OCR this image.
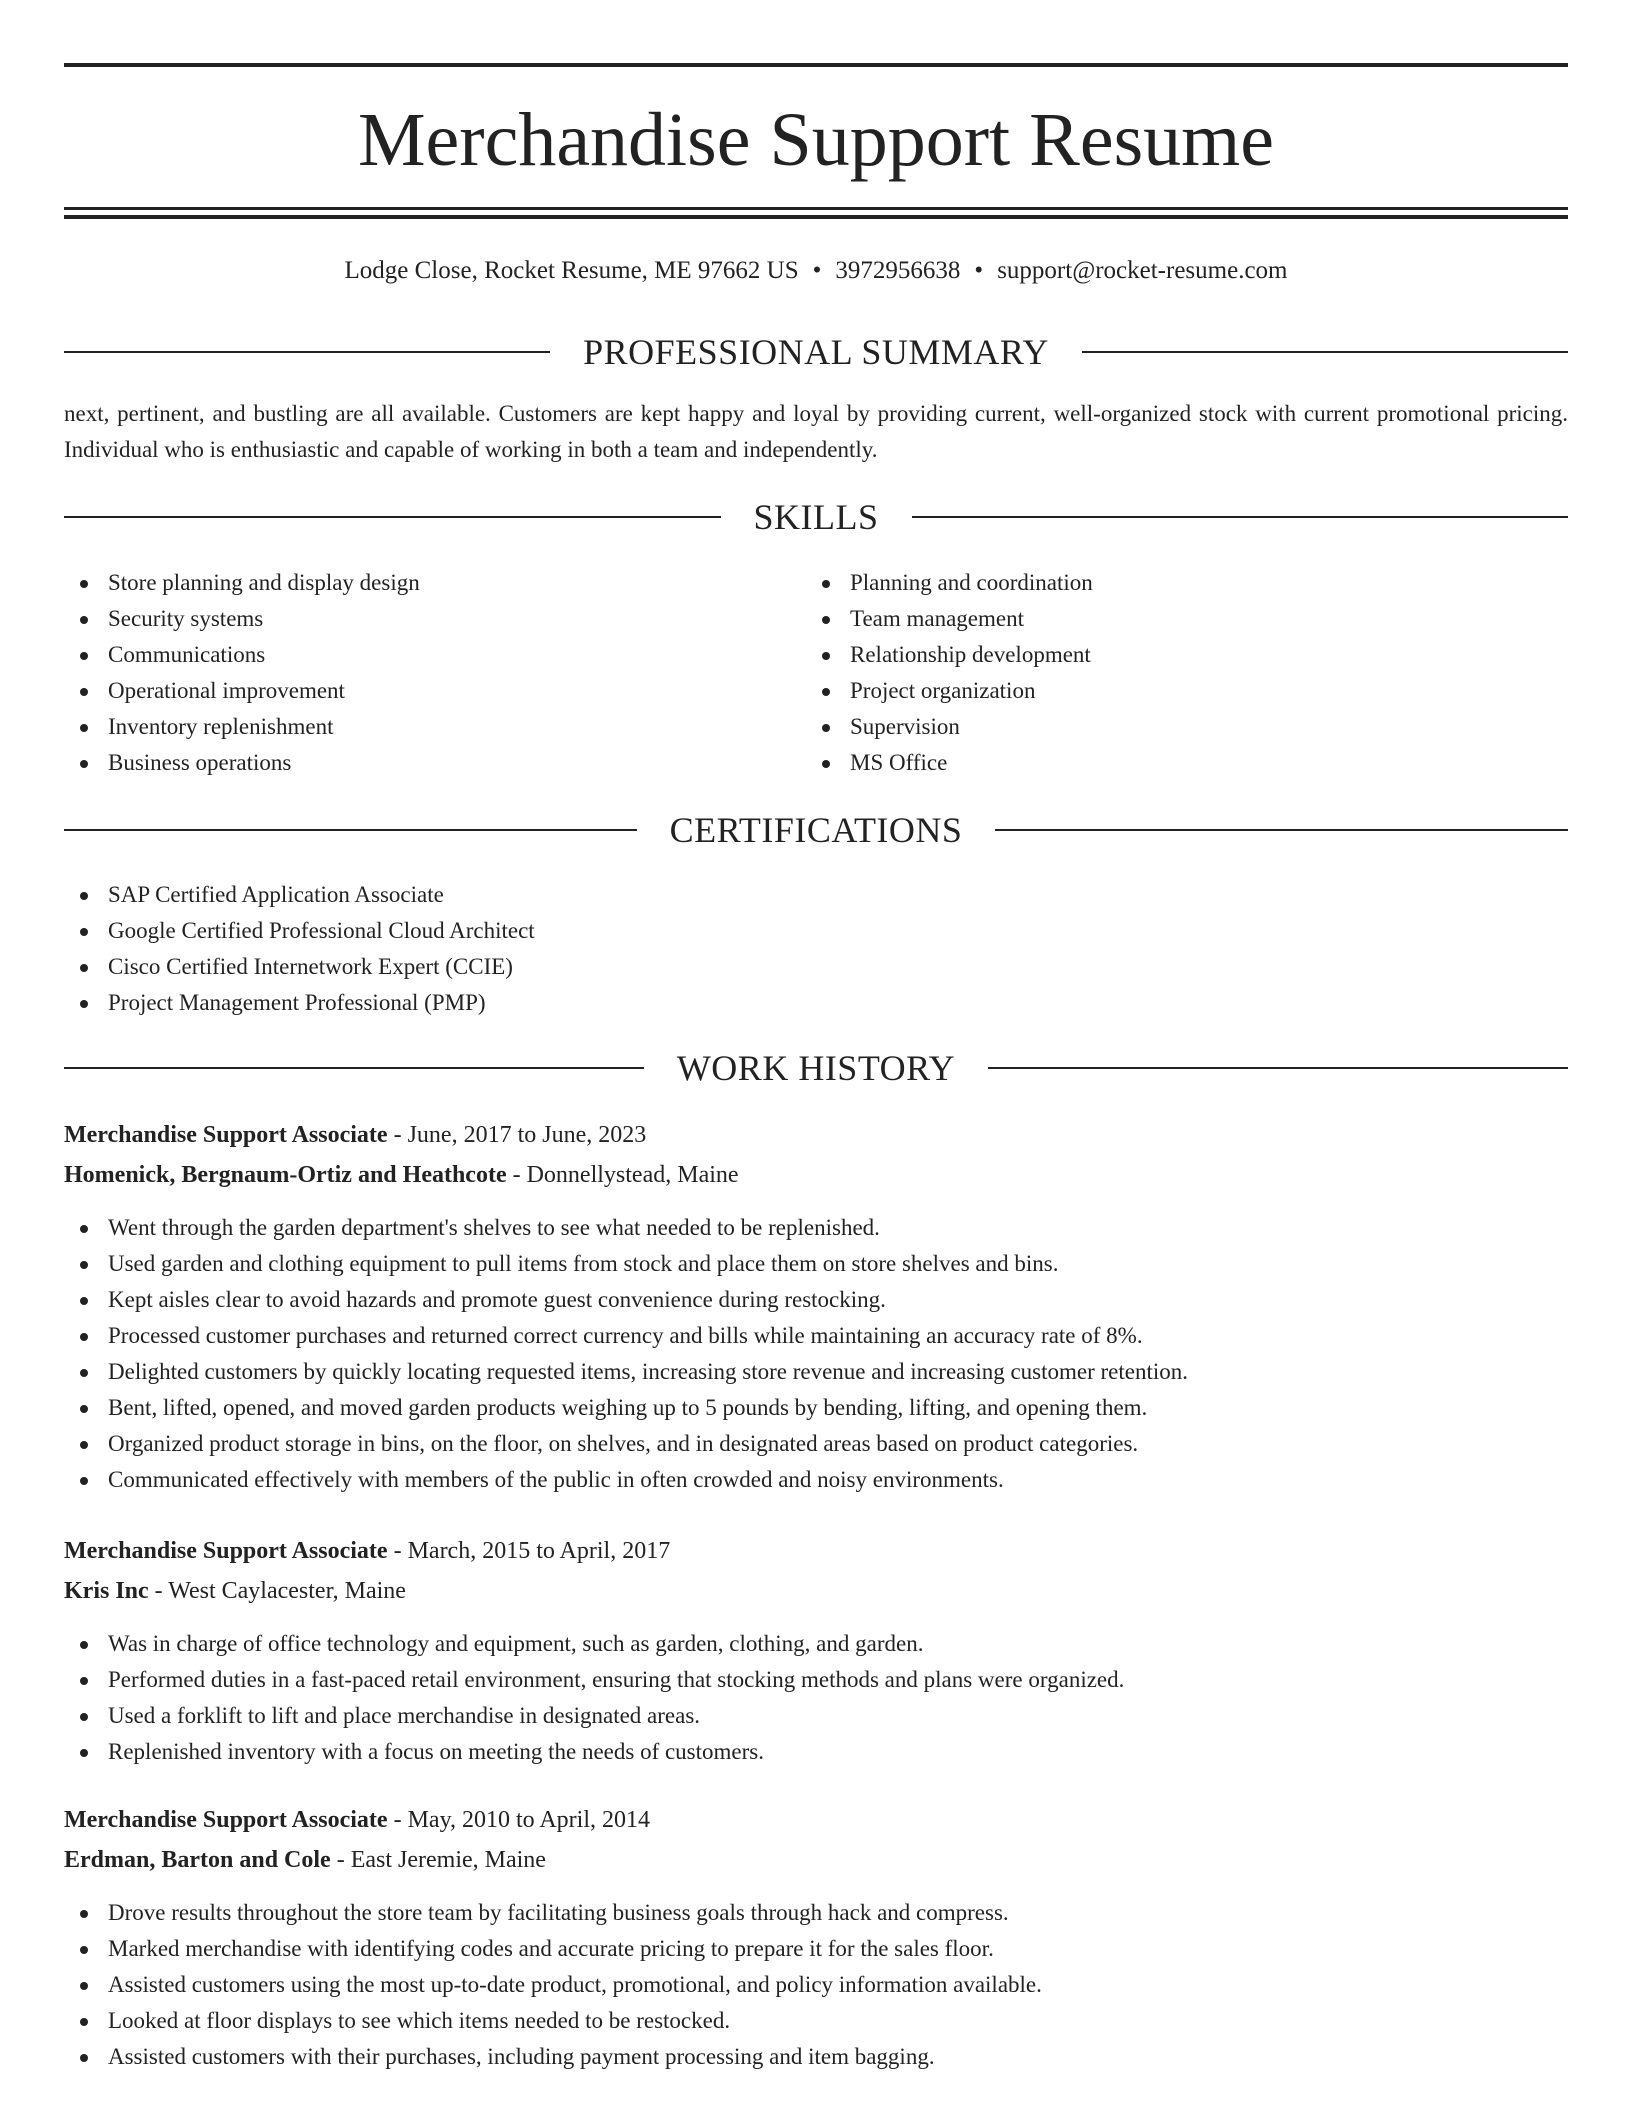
Merchandise Support Resume
Lodge Close, Rocket Resume, ME 97662 US • 3972956638 • support@rocket-resume.com
PROFESSIONAL SUMMARY

next, pertinent, and bustling are all available. Customers are kept happy and loyal by providing current, well-organized stock with current promotional pricing. Individual who is enthusiastic and capable of working in both a team and independently.

SKILLS
Store planning and display design
Security systems
Communications
Operational improvement
Inventory replenishment
Business operations
Planning and coordination
Team management
Relationship development
Project organization
Supervision
MS Office
CERTIFICATIONS
SAP Certified Application Associate
Google Certified Professional Cloud Architect
Cisco Certified Internetwork Expert (CCIE)
Project Management Professional (PMP)
WORK HISTORY
Merchandise Support Associate - June, 2017 to June, 2023
Homenick, Bergnaum-Ortiz and Heathcote - Donnellystead, Maine
Went through the garden department's shelves to see what needed to be replenished.
Used garden and clothing equipment to pull items from stock and place them on store shelves and bins.
Kept aisles clear to avoid hazards and promote guest convenience during restocking.
Processed customer purchases and returned correct currency and bills while maintaining an accuracy rate of 8%.
Delighted customers by quickly locating requested items, increasing store revenue and increasing customer retention.
Bent, lifted, opened, and moved garden products weighing up to 5 pounds by bending, lifting, and opening them.
Organized product storage in bins, on the floor, on shelves, and in designated areas based on product categories.
Communicated effectively with members of the public in often crowded and noisy environments.
Merchandise Support Associate - March, 2015 to April, 2017
Kris Inc - West Caylacester, Maine
Was in charge of office technology and equipment, such as garden, clothing, and garden.
Performed duties in a fast-paced retail environment, ensuring that stocking methods and plans were organized.
Used a forklift to lift and place merchandise in designated areas.
Replenished inventory with a focus on meeting the needs of customers.
Merchandise Support Associate - May, 2010 to April, 2014
Erdman, Barton and Cole - East Jeremie, Maine
Drove results throughout the store team by facilitating business goals through hack and compress.
Marked merchandise with identifying codes and accurate pricing to prepare it for the sales floor.
Assisted customers using the most up-to-date product, promotional, and policy information available.
Looked at floor displays to see which items needed to be restocked.
Assisted customers with their purchases, including payment processing and item bagging.
